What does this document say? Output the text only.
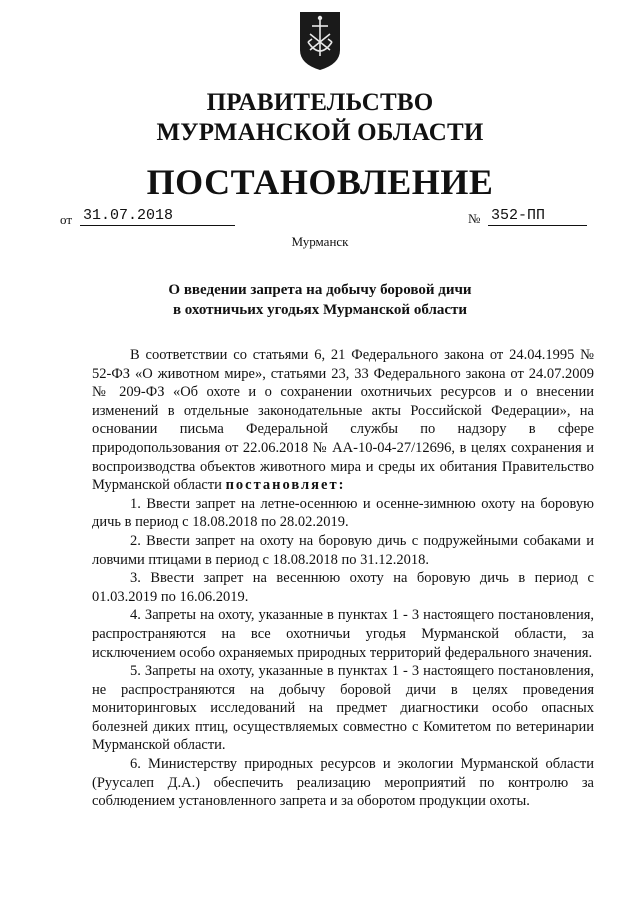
ПРАВИТЕЛЬСТВО
МУРМАНСКОЙ ОБЛАСТИ
ПОСТАНОВЛЕНИЕ
от 31.07.2018	№ 352-ПП
Мурманск
О введении запрета на добычу боровой дичи
в охотничьих угодьях Мурманской области

В соответствии со статьями 6, 21 Федерального закона от 24.04.1995 № 52-ФЗ «О животном мире», статьями 23, 33 Федерального закона от 24.07.2009 № 209-ФЗ «Об охоте и о сохранении охотничьих ресурсов и о внесении изменений в отдельные законодательные акты Российской Федерации», на основании письма Федеральной службы по надзору в сфере природопользования от 22.06.2018 № АА-10-04-27/12696, в целях сохранения и воспроизводства объектов животного мира и среды их обитания Правительство Мурманской области постановляет:

1. Ввести запрет на летне-осеннюю и осенне-зимнюю охоту на боровую дичь в период с 18.08.2018 по 28.02.2019.

2. Ввести запрет на охоту на боровую дичь с подружейными собаками и ловчими птицами в период с 18.08.2018 по 31.12.2018.

3. Ввести запрет на весеннюю охоту на боровую дичь в период с 01.03.2019 по 16.06.2019.

4. Запреты на охоту, указанные в пунктах 1 - 3 настоящего постановления, распространяются на все охотничьи угодья Мурманской области, за исключением особо охраняемых природных территорий федерального значения.

5. Запреты на охоту, указанные в пунктах 1 - 3 настоящего постановления, не распространяются на добычу боровой дичи в целях проведения мониторинговых исследований на предмет диагностики особо опасных болезней диких птиц, осуществляемых совместно с Комитетом по ветеринарии Мурманской области.

6. Министерству природных ресурсов и экологии Мурманской области (Руусалеп Д.А.) обеспечить реализацию мероприятий по контролю за соблюдением установленного запрета и за оборотом продукции охоты.
